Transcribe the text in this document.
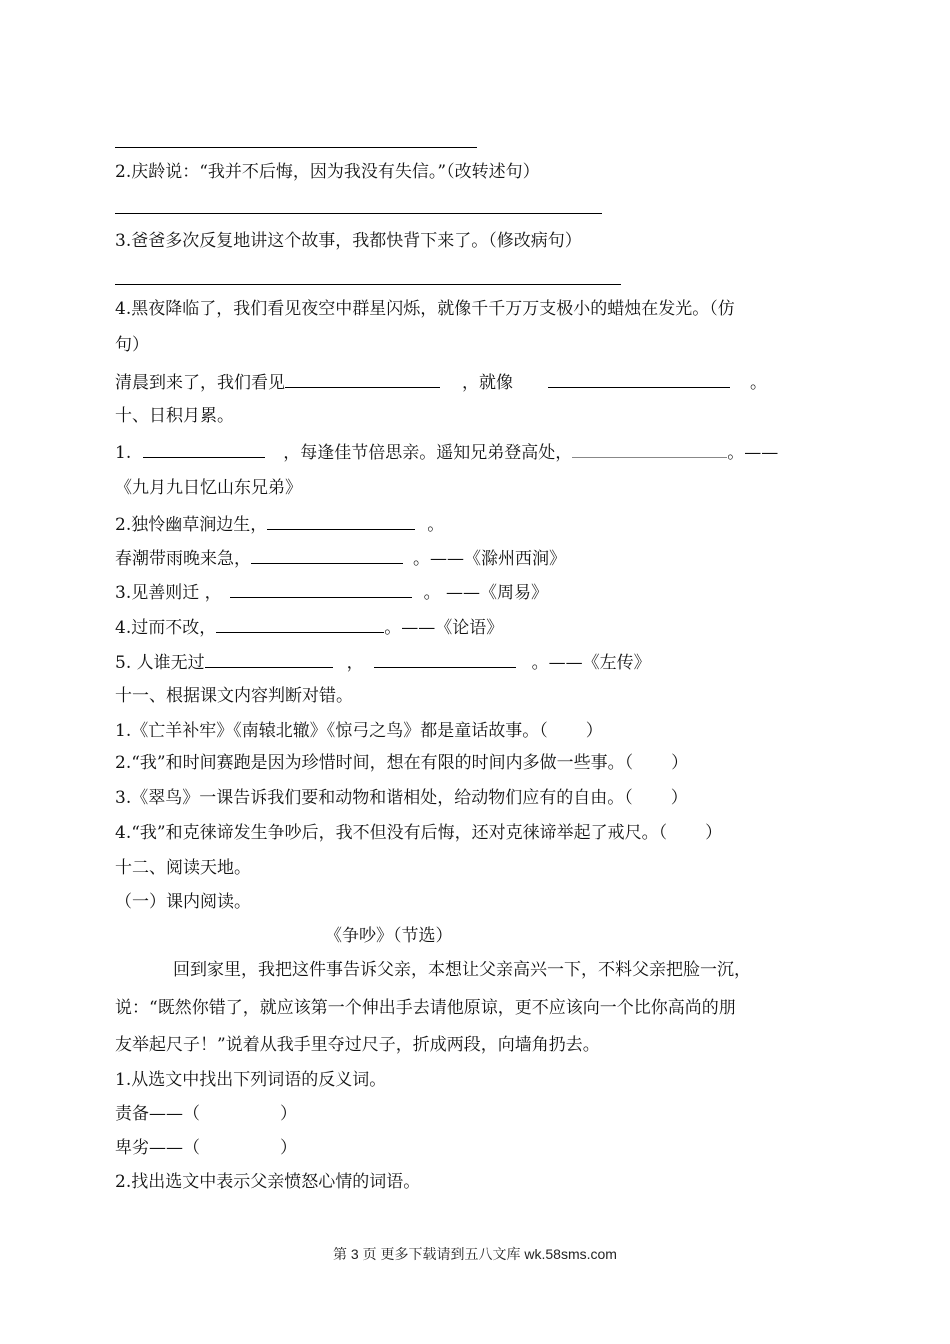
2.庆龄说：“我并不后悔，因为我没有失信。”（改转述句）
3.爸爸多次反复地讲这个故事，我都快背下来了。（修改病句）
4.黑夜降临了，我们看见夜空中群星闪烁，就像千千万万支极小的蜡烛在发光。（仿
句）
清晨到来了，我们看见	，就像	。
十、日积月累。
1.	，每逢佳节倍思亲。遥知兄弟登高处，	。——
《九月九日忆山东兄弟》
2.独怜幽草涧边生，	。
春潮带雨晚来急，	。——《滁州西涧》
3.见善则迁 ，	。 ——《周易》
4.过而不改，	。——《论语》
5. 人谁无过	，	。——《左传》
十一、根据课文内容判断对错。
1.《亡羊补牢》《南辕北辙》《惊弓之鸟》都是童话故事。（ ）
2.“我”和时间赛跑是因为珍惜时间，想在有限的时间内多做一些事。（ ）
3.《翠鸟》一课告诉我们要和动物和谐相处，给动物们应有的自由。（ ）
4.“我”和克徕谛发生争吵后，我不但没有后悔，还对克徕谛举起了戒尺。（ ）
十二、阅读天地。
（一）课内阅读。
《争吵》（节选）
回到家里，我把这件事告诉父亲，本想让父亲高兴一下，不料父亲把脸一沉，
说：“既然你错了，就应该第一个伸出手去请他原谅，更不应该向一个比你高尚的朋
友举起尺子！”说着从我手里夺过尺子，折成两段，向墙角扔去。
1.从选文中找出下列词语的反义词。
责备——（	）
卑劣——（	）
2.找出选文中表示父亲愤怒心情的词语。
第 3 页 更多下载请到五八文库 wk.58sms.com
